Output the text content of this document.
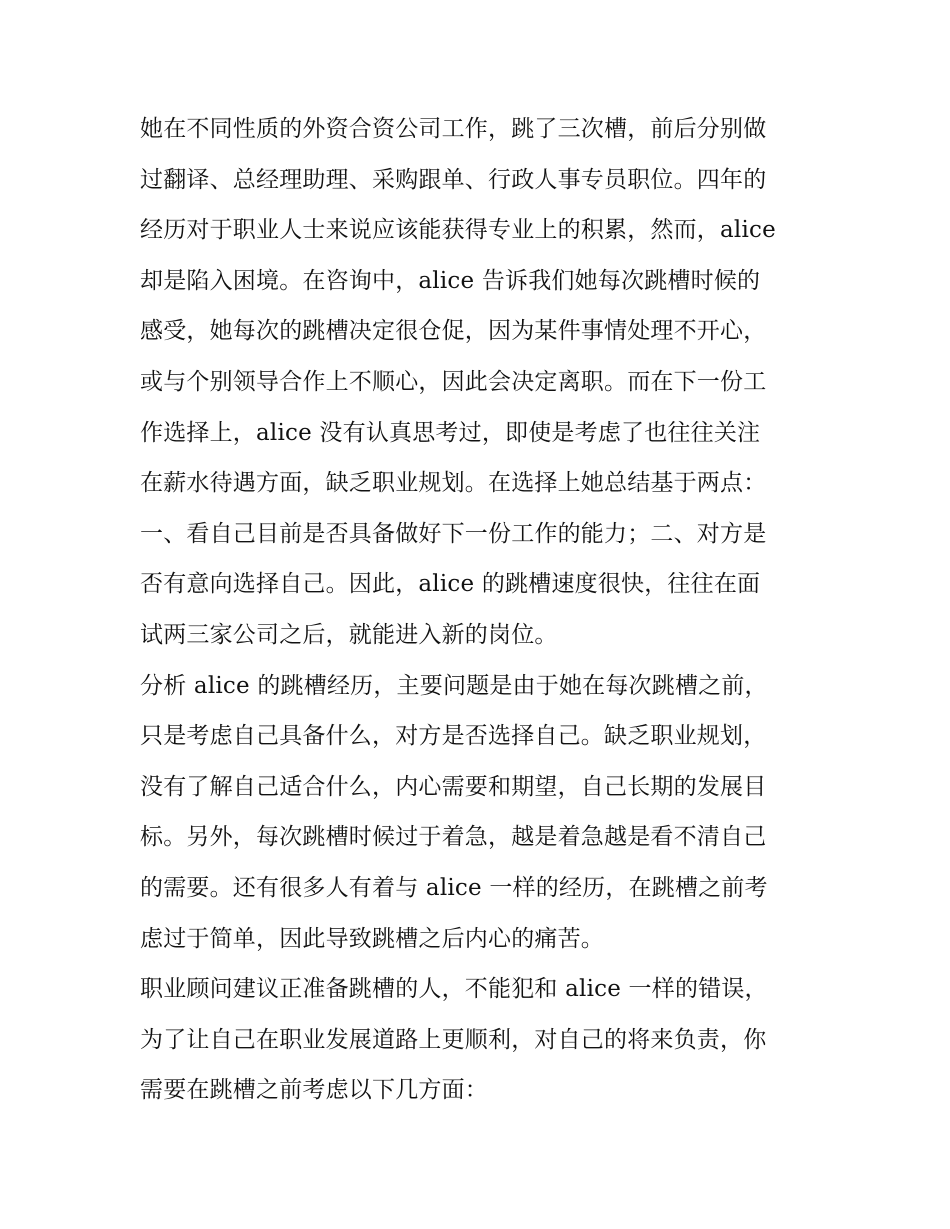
她在不同性质的外资合资公司工作，跳了三次槽，前后分别做
过翻译、总经理助理、采购跟单、行政人事专员职位。四年的
经历对于职业人士来说应该能获得专业上的积累，然而，alice
却是陷入困境。在咨询中，alice 告诉我们她每次跳槽时候的
感受，她每次的跳槽决定很仓促，因为某件事情处理不开心，
或与个别领导合作上不顺心，因此会决定离职。而在下一份工
作选择上，alice 没有认真思考过，即使是考虑了也往往关注
在薪水待遇方面，缺乏职业规划。在选择上她总结基于两点：
一、看自己目前是否具备做好下一份工作的能力；二、对方是
否有意向选择自己。因此，alice 的跳槽速度很快，往往在面
试两三家公司之后，就能进入新的岗位。
分析 alice 的跳槽经历，主要问题是由于她在每次跳槽之前，
只是考虑自己具备什么，对方是否选择自己。缺乏职业规划，
没有了解自己适合什么，内心需要和期望，自己长期的发展目
标。另外，每次跳槽时候过于着急，越是着急越是看不清自己
的需要。还有很多人有着与 alice 一样的经历，在跳槽之前考
虑过于简单，因此导致跳槽之后内心的痛苦。
职业顾问建议正准备跳槽的人，不能犯和 alice 一样的错误，
为了让自己在职业发展道路上更顺利，对自己的将来负责，你
需要在跳槽之前考虑以下几方面：
